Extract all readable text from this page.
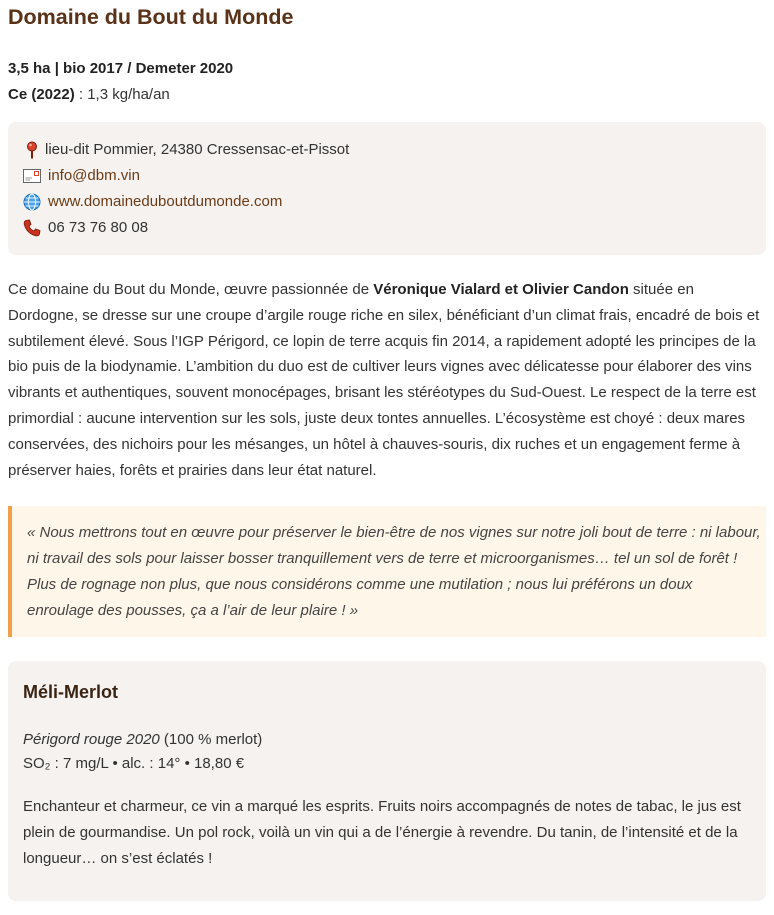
Domaine du Bout du Monde
3,5 ha | bio 2017 / Demeter 2020
Ce (2022) : 1,3 kg/ha/an
lieu-dit Pommier, 24380 Cressensac-et-Pissot
info@dbm.vin
www.domaineduboutdumonde.com
06 73 76 80 08

Ce domaine du Bout du Monde, œuvre passionnée de Véronique Vialard et Olivier Candon située en Dordogne, se dresse sur une croupe d’argile rouge riche en silex, bénéficiant d’un climat frais, encadré de bois et subtilement élevé. Sous l’IGP Périgord, ce lopin de terre acquis fin 2014, a rapidement adopté les principes de la bio puis de la biodynamie. L’ambition du duo est de cultiver leurs vignes avec délicatesse pour élaborer des vins vibrants et authentiques, souvent monocépages, brisant les stéréotypes du Sud-Ouest. Le respect de la terre est primordial : aucune intervention sur les sols, juste deux tontes annuelles. L’écosystème est choyé : deux mares conservées, des nichoirs pour les mésanges, un hôtel à chauves-souris, dix ruches et un engagement ferme à préserver haies, forêts et prairies dans leur état naturel.

« Nous mettrons tout en œuvre pour préserver le bien-être de nos vignes sur notre joli bout de terre : ni labour, ni travail des sols pour laisser bosser tranquillement vers de terre et microorganismes… tel un sol de forêt ! Plus de rognage non plus, que nous considérons comme une mutilation ; nous lui préférons un doux enroulage des pousses, ça a l’air de leur plaire ! »

Méli-Merlot
Périgord rouge 2020 (100 % merlot)
SO₂ : 7 mg/L • alc. : 14° • 18,80 €

Enchanteur et charmeur, ce vin a marqué les esprits. Fruits noirs accompagnés de notes de tabac, le jus est plein de gourmandise. Un pol rock, voilà un vin qui a de l’énergie à revendre. Du tanin, de l’intensité et de la longueur… on s’est éclatés !
